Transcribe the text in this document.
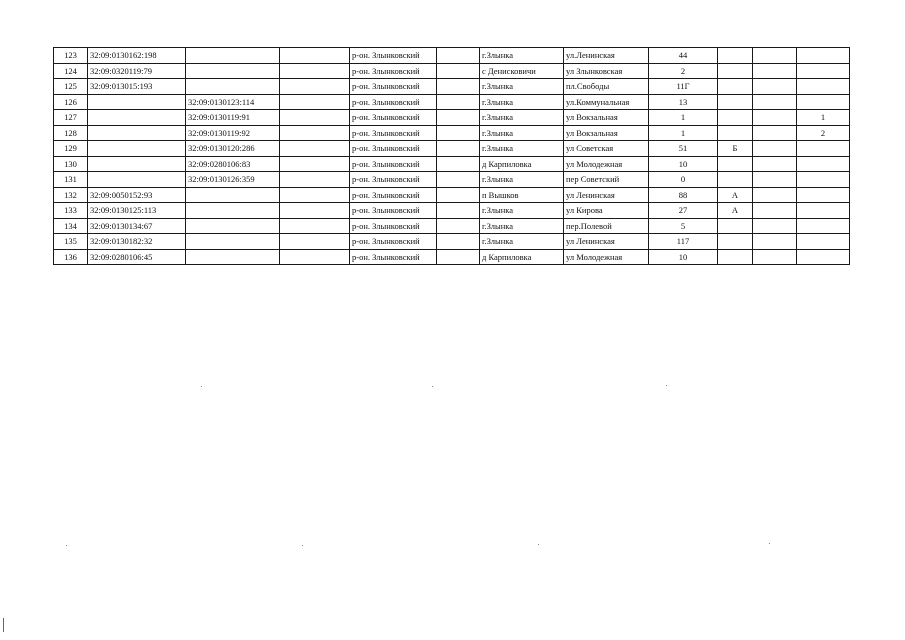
123	32:09:0130162:198			р-он. Злынковский		г.Злынка	ул.Ленинская	44			
124	32:09:0320119:79			р-он. Злынковский		с Денисковичи	ул Злынковская	2			
125	32:09:013015:193			р-он. Злынковский		г.Злынка	пл.Свободы	11Г			
126		32:09:0130123:114		р-он. Злынковский		г.Злынка	ул.Коммунальная	13			
127		32:09:0130119:91		р-он. Злынковский		г.Злынка	ул Вокзальная	1			1
128		32:09:0130119:92		р-он. Злынковский		г.Злынка	ул Вокзальная	1			2
129		32:09:0130120:286		р-он. Злынковский		г.Злынка	ул Советская	51	Б		
130		32:09:0280106:83		р-он. Злынковский		д Карпиловка	ул Молодежная	10			
131		32:09:0130126:359		р-он. Злынковский		г.Злынка	пер Советский	0			
132	32:09:0050152:93			р-он. Злынковский		п Вышков	ул Ленинская	88	А		
133	32:09:0130125:113			р-он. Злынковский		г.Злынка	ул Кирова	27	А		
134	32:09:0130134:67			р-он. Злынковский		г.Злынка	пер.Полевой	5			
135	32:09:0130182:32			р-он. Злынковский		г.Злынка	ул Ленинская	117			
136	32:09:0280106:45			р-он. Злынковский		д Карпиловка	ул Молодежная	10			
